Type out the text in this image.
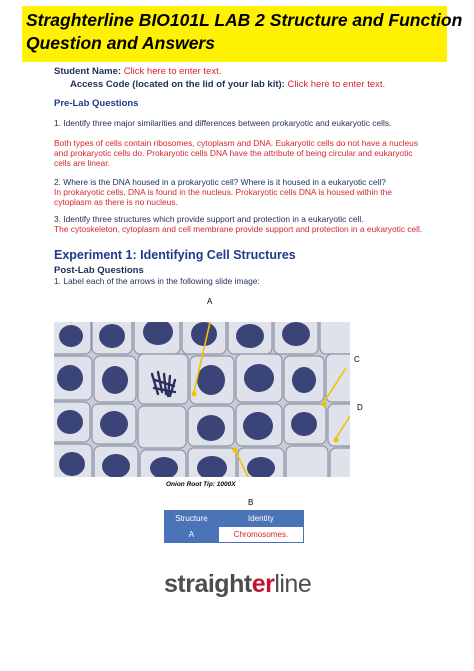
Straghterline BIO101L LAB 2 Structure and Function Question and Answers
Student Name: Click here to enter text.
Access Code (located on the lid of your lab kit): Click here to enter text.
Pre-Lab Questions

1. Identify three major similarities and differences between prokaryotic and eukaryotic cells.

Both types of cells contain ribosomes, cytoplasm and DNA. Eukaryotic cells do not have a nucleus and prokaryotic cells do. Prokaryotic cells DNA have the attribute of being circular and eukaryotic cells are linear.

2. Where is the DNA housed in a prokaryotic cell? Where is it housed in a eukaryotic cell?

In prokaryotic cells, DNA is found in the nucleus. Prokaryotic cells DNA is housed within the cytoplasm as there is no nucleus.

3. Identify three structures which provide support and protection in a eukaryotic cell.

The cytoskeleton, cytoplasm and cell membrane provide support and protection in a eukaryotic cell.

Experiment 1: Identifying Cell Structures
Post-Lab Questions

1. Label each of the arrows in the following slide image:

A
C
D
B
Onion Root Tip: 1000X
Structure	Identity
A	Chromosomes.
straighterline
